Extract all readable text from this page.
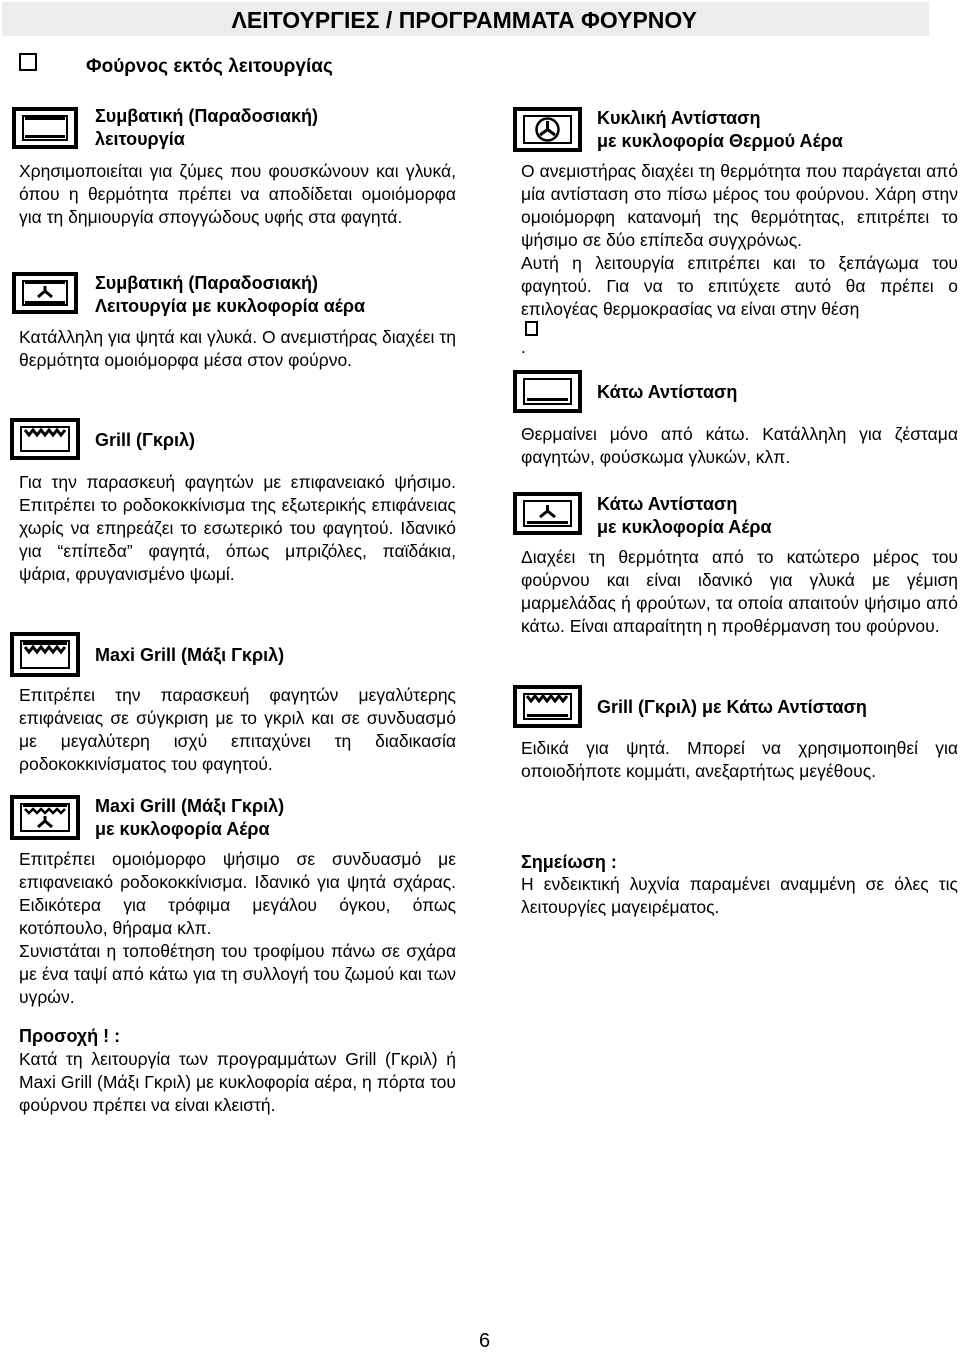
ΛΕΙΤΟΥΡΓΙΕΣ / ΠΡΟΓΡΑΜΜΑΤΑ ΦΟΥΡΝΟΥ
Φούρνος εκτός λειτουργίας
Συμβατική (Παραδοσιακή)
λειτουργία
Χρησιμοποιείται για ζύμες που φουσκώνουν και γλυκά, όπου η θερμότητα πρέπει να αποδίδεται ομοιόμορφα για τη δημιουργία σπογγώδους υφής στα φαγητά.
Συμβατική (Παραδοσιακή)
Λειτουργία με κυκλοφορία αέρα
Κατάλληλη για ψητά και γλυκά. Ο ανεμιστήρας διαχέει τη θερμότητα ομοιόμορφα μέσα στον φούρνο.
Grill (Γκριλ)
Για την παρασκευή φαγητών με επιφανειακό ψήσιμο. Επιτρέπει το ροδοκοκκίνισμα της εξωτερικής επιφάνειας χωρίς να επηρεάζει το εσωτερικό του φαγητού. Ιδανικό για “επίπεδα” φαγητά, όπως μπριζόλες, παϊδάκια, ψάρια, φρυγανισμένο ψωμί.
Maxi Grill (Μάξι Γκριλ)
Επιτρέπει την παρασκευή φαγητών μεγαλύτερης επιφάνειας σε σύγκριση με το γκριλ και σε συνδυασμό με μεγαλύτερη ισχύ επιταχύνει τη διαδικασία ροδοκοκκινίσματος του φαγητού.
Maxi Grill (Μάξι Γκριλ)
με κυκλοφορία Αέρα
Επιτρέπει ομοιόμορφο ψήσιμο σε συνδυασμό με επιφανειακό ροδοκοκκίνισμα. Ιδανικό για ψητά σχάρας. Ειδικότερα για τρόφιμα μεγάλου όγκου, όπως κοτόπουλο, θήραμα κλπ.
Συνιστάται η τοποθέτηση του τροφίμου πάνω σε σχάρα με ένα ταψί από κάτω για τη συλλογή του ζωμού και των υγρών.
Προσοχή ! :
Κατά τη λειτουργία των προγραμμάτων Grill (Γκριλ) ή Maxi Grill (Μάξι Γκριλ) με κυκλοφορία αέρα, η πόρτα του φούρνου πρέπει να είναι κλειστή.
Κυκλική Αντίσταση
με κυκλοφορία Θερμού Αέρα
Ο ανεμιστήρας διαχέει τη θερμότητα που παράγεται από μία αντίσταση στο πίσω μέρος του φούρνου. Χάρη στην ομοιόμορφη κατανομή της θερμότητας, επιτρέπει το ψήσιμο σε δύο επίπεδα συγχρόνως.
Αυτή η λειτουργία επιτρέπει και το ξεπάγωμα του φαγητού. Για να το επιτύχετε αυτό θα πρέπει ο επιλογέας θερμοκρασίας να είναι στην θέση
.
Κάτω Αντίσταση
Θερμαίνει μόνο από κάτω. Κατάλληλη για ζέσταμα φαγητών, φούσκωμα γλυκών, κλπ.
Κάτω Αντίσταση
με κυκλοφορία Αέρα
Διαχέει τη θερμότητα από το κατώτερο μέρος του φούρνου και είναι ιδανικό για γλυκά με γέμιση μαρμελάδας ή φρούτων, τα οποία απαιτούν ψήσιμο από κάτω. Είναι απαραίτητη η προθέρμανση του φούρνου.
Grill (Γκριλ) με Κάτω Αντίσταση
Ειδικά για ψητά. Μπορεί να χρησιμοποιηθεί για οποιοδήποτε κομμάτι, ανεξαρτήτως μεγέθους.
Σημείωση :
Η ενδεικτική λυχνία παραμένει αναμμένη σε όλες τις λειτουργίες μαγειρέματος.
6
